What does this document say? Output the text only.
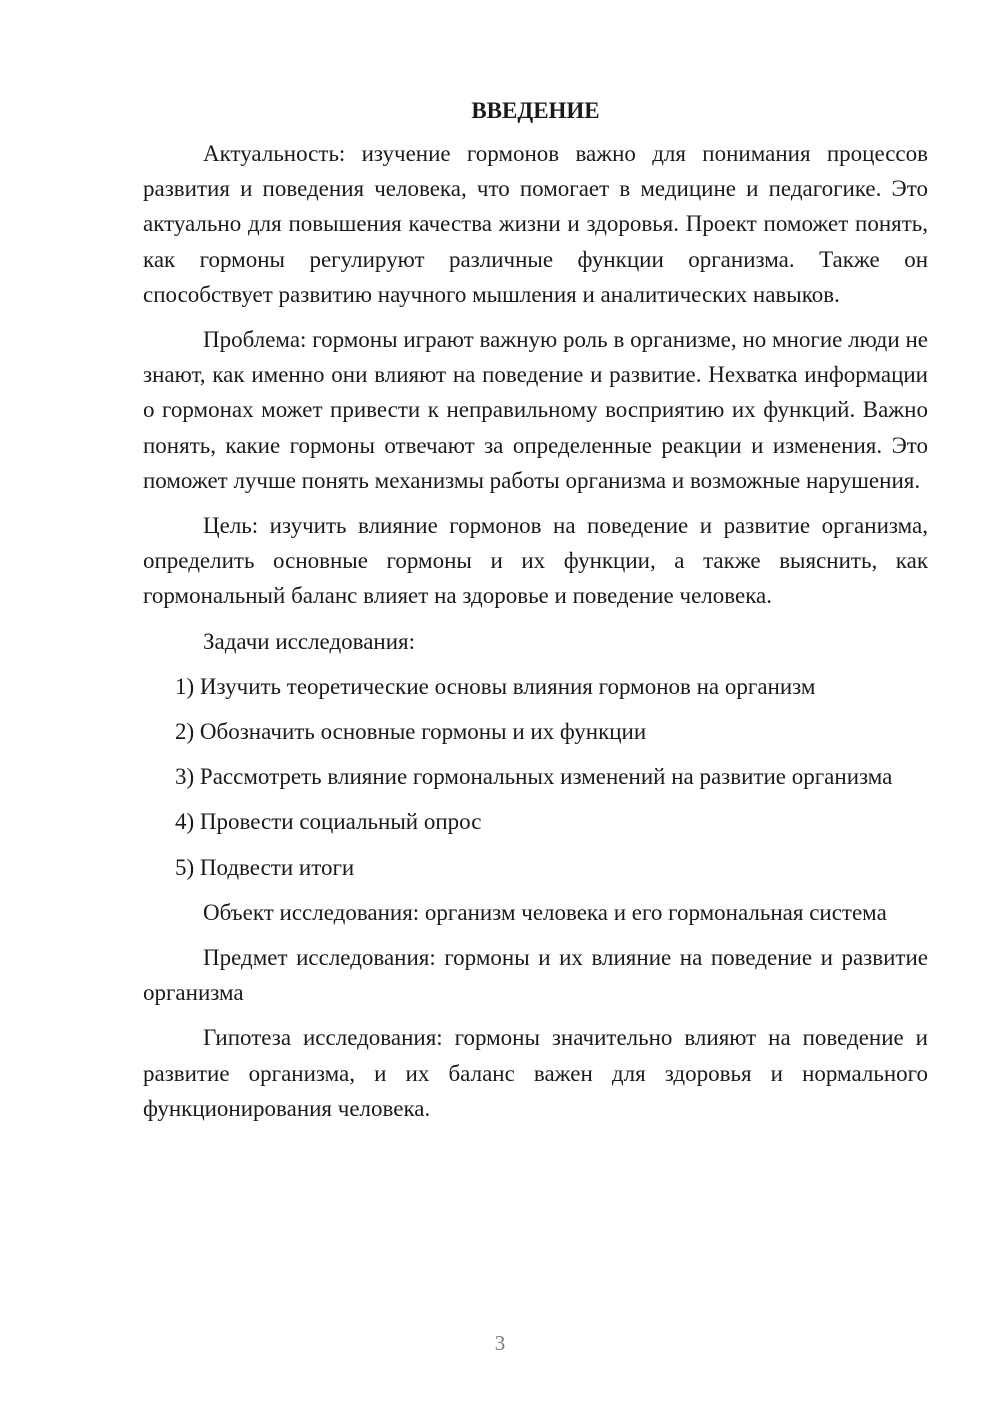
ВВЕДЕНИЕ

Актуальность: изучение гормонов важно для понимания процессов развития и поведения человека, что помогает в медицине и педагогике. Это актуально для повышения качества жизни и здоровья. Проект поможет понять, как гормоны регулируют различные функции организма. Также он способствует развитию научного мышления и аналитических навыков.

Проблема: гормоны играют важную роль в организме, но многие люди не знают, как именно они влияют на поведение и развитие. Нехватка информации о гормонах может привести к неправильному восприятию их функций. Важно понять, какие гормоны отвечают за определенные реакции и изменения. Это поможет лучше понять механизмы работы организма и возможные нарушения.

Цель: изучить влияние гормонов на поведение и развитие организма, определить основные гормоны и их функции, а также выяснить, как гормональный баланс влияет на здоровье и поведение человека.

Задачи исследования:

1) Изучить теоретические основы влияния гормонов на организм

2) Обозначить основные гормоны и их функции

3) Рассмотреть влияние гормональных изменений на развитие организма

4) Провести социальный опрос

5) Подвести итоги

Объект исследования: организм человека и его гормональная система

Предмет исследования: гормоны и их влияние на поведение и развитие организма

Гипотеза исследования: гормоны значительно влияют на поведение и развитие организма, и их баланс важен для здоровья и нормального функционирования человека.

3
